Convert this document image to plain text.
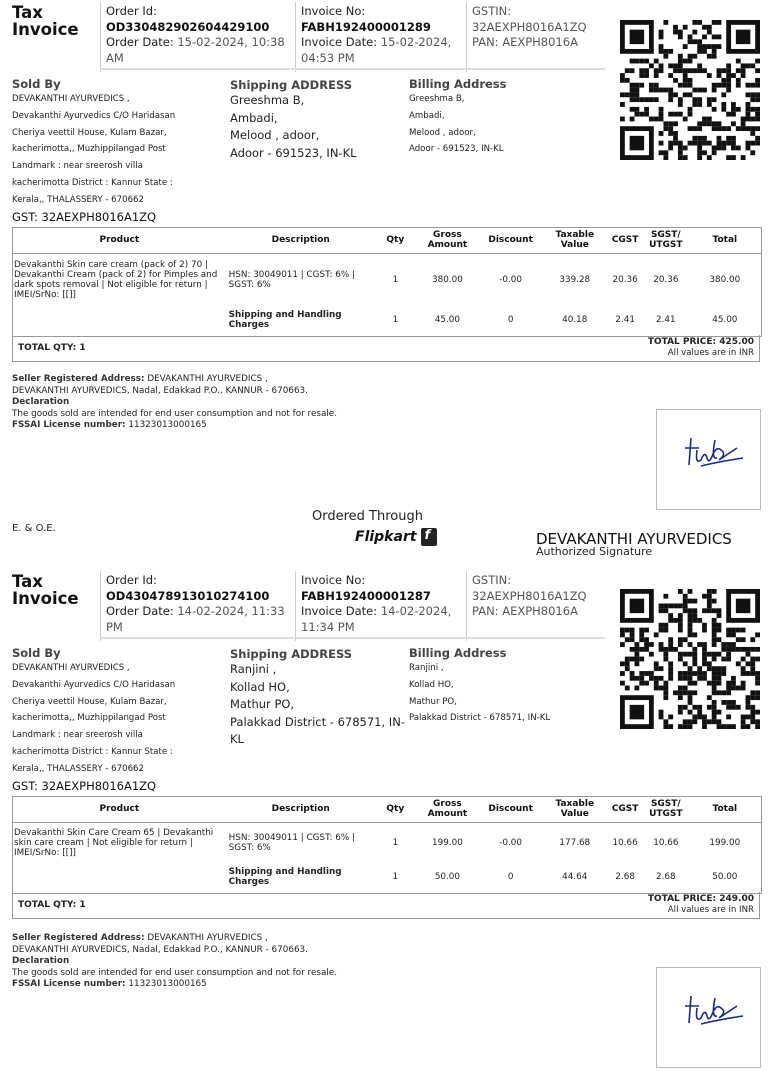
Tax
Invoice
Order Id:
OD330482902604429100
Order Date: 15-02-2024, 10:38
AM
Invoice No:
FABH192400001289
Invoice Date: 15-02-2024,
04:53 PM
GSTIN:
32AEXPH8016A1ZQ
PAN: AEXPH8016A
Sold By
DEVAKANTHI AYURVEDICS ,
Devakanthi Ayurvedics C/O Haridasan
Cheriya veettil House, Kulam Bazar,
kacherimotta,, Muzhippilangad Post
Landmark : near sreerosh villa
kacherimotta District : Kannur State :
Kerala,, THALASSERY - 670662
GST: 32AEXPH8016A1ZQ
Shipping ADDRESS
Greeshma B,
Ambadi,
Melood , adoor,
Adoor - 691523, IN-KL
Billing Address
Greeshma B,
Ambadi,
Melood , adoor,
Adoor - 691523, IN-KL
Product	Description	Qty	Gross Amount	Discount	Taxable Value	CGST	SGST/ UTGST	Total
Devakanthi Skin care cream (pack of 2) 70 | Devakanthi Cream (pack of 2) for Pimples and dark spots removal | Not eligible for return | IMEI/SrNo: [[]]	HSN: 30049011 | CGST: 6% | SGST: 6%	1	380.00	-0.00	339.28	20.36	20.36	380.00
	Shipping and Handling Charges	1	45.00	0	40.18	2.41	2.41	45.00
TOTAL QTY: 1
TOTAL PRICE: 425.00
All values are in INR
Seller Registered Address: DEVAKANTHI AYURVEDICS ,
DEVAKANTHI AYURVEDICS, Nadal, Edakkad P.O., KANNUR - 670663.
Declaration
The goods sold are intended for end user consumption and not for resale.
FSSAI License number: 11323013000165
E. & O.E.
Ordered Through
Flipkart f	DEVAKANTHI AYURVEDICS
Authorized Signature
Tax
Invoice
Order Id:
OD430478913010274100
Order Date: 14-02-2024, 11:33
PM
Invoice No:
FABH192400001287
Invoice Date: 14-02-2024,
11:34 PM
GSTIN:
32AEXPH8016A1ZQ
PAN: AEXPH8016A
Sold By
DEVAKANTHI AYURVEDICS ,
Devakanthi Ayurvedics C/O Haridasan
Cheriya veettil House, Kulam Bazar,
kacherimotta,, Muzhippilangad Post
Landmark : near sreerosh villa
kacherimotta District : Kannur State :
Kerala,, THALASSERY - 670662
GST: 32AEXPH8016A1ZQ
Shipping ADDRESS
Ranjini ,
Kollad HO,
Mathur PO,
Palakkad District - 678571, IN-
KL
Billing Address
Ranjini ,
Kollad HO,
Mathur PO,
Palakkad District - 678571, IN-KL
Product	Description	Qty	Gross Amount	Discount	Taxable Value	CGST	SGST/ UTGST	Total
Devakanthi Skin Care Cream 65 | Devakanthi skin care cream | Not eligible for return | IMEI/SrNo: [[]]	HSN: 30049011 | CGST: 6% | SGST: 6%	1	199.00	-0.00	177.68	10.66	10.66	199.00
	Shipping and Handling Charges	1	50.00	0	44.64	2.68	2.68	50.00
TOTAL QTY: 1
TOTAL PRICE: 249.00
All values are in INR
Seller Registered Address: DEVAKANTHI AYURVEDICS ,
DEVAKANTHI AYURVEDICS, Nadal, Edakkad P.O., KANNUR - 670663.
Declaration
The goods sold are intended for end user consumption and not for resale.
FSSAI License number: 11323013000165
